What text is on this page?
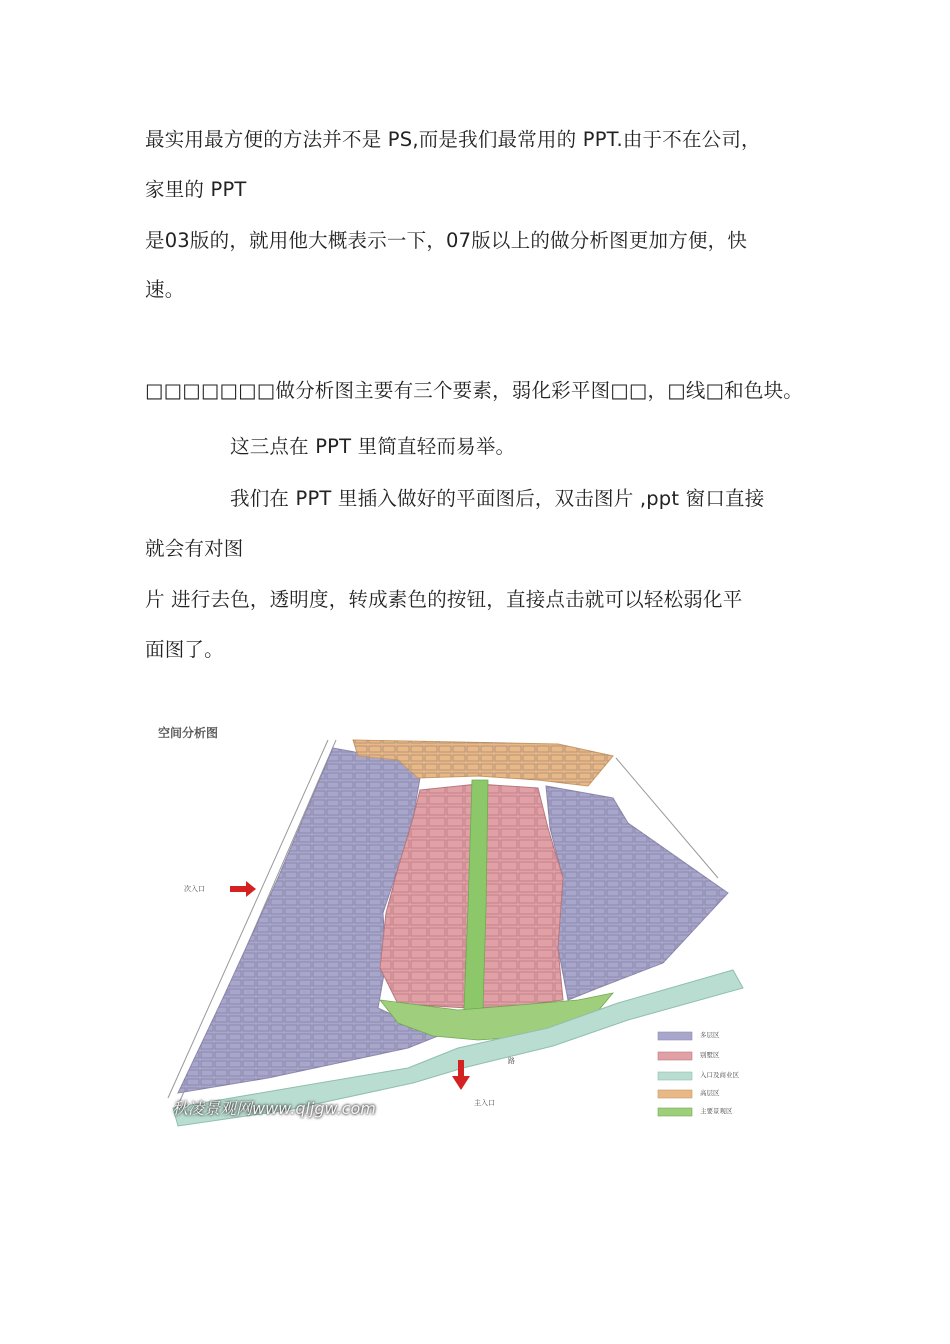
最实用最方便的方法并不是 PS,而是我们最常用的 PPT.由于不在公司，
家里的 PPT
是03版的，就用他大概表示一下，07版以上的做分析图更加方便，快
速。
□□□□□□□做分析图主要有三个要素，弱化彩平图□□，□线□和色块。
这三点在 PPT 里简直轻而易举。
我们在 PPT 里插入做好的平面图后，双击图片 ,ppt 窗口直接
就会有对图
片 进行去色，透明度，转成素色的按钮，直接点击就可以轻松弱化平
面图了。
空间分析图
次入口
主入口
路
多层区
别墅区
入口及商业区
高层区
主要景观区
秋凌景观网www.qljgw.com
